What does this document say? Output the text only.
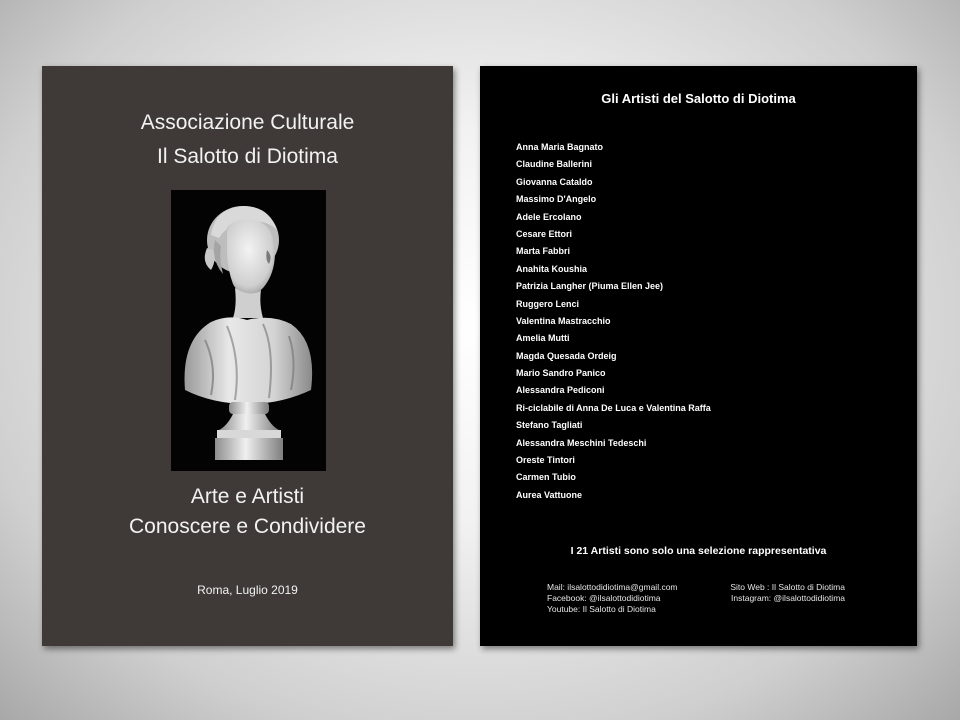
Associazione Culturale
Il Salotto di Diotima
Arte e Artisti
Conoscere e Condividere
Roma, Luglio 2019
Gli Artisti del Salotto di Diotima
Anna Maria Bagnato
Claudine Ballerini
Giovanna Cataldo
Massimo D'Angelo
Adele Ercolano
Cesare Ettori
Marta Fabbri
Anahita Koushia
Patrizia Langher (Piuma Ellen Jee)
Ruggero Lenci
Valentina Mastracchio
Amelia Mutti
Magda Quesada Ordeig
Mario Sandro Panico
Alessandra Pediconi
Ri-ciclabile di Anna De Luca e Valentina Raffa
Stefano Tagliati
Alessandra Meschini Tedeschi
Oreste Tintori
Carmen Tubio
Aurea Vattuone
I 21 Artisti sono solo una selezione rappresentativa
Mail: ilsalottodidiotima@gmail.com
Facebook: @ilsalottodidiotima
Youtube: Il Salotto di Diotima
Sito Web : Il Salotto di Diotima
Instagram: @ilsalottodidiotima
